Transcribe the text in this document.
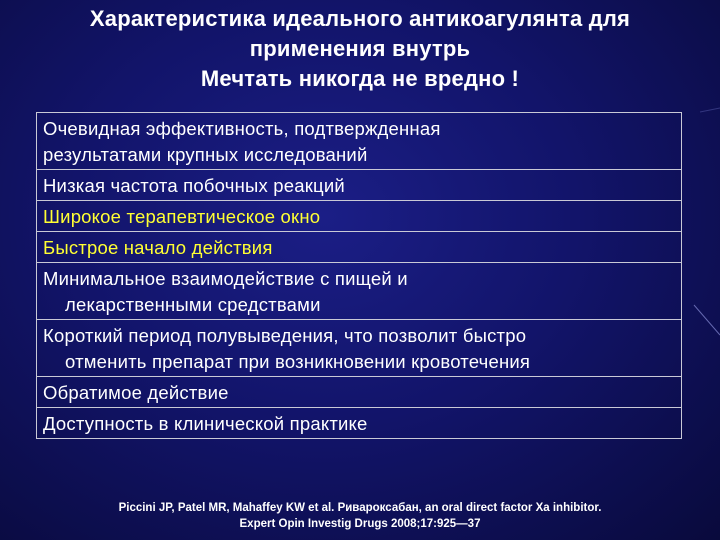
Характеристика идеального антикоагулянта для
применения внутрь
Мечтать никогда не вредно !
Очевидная эффективность, подтвержденная
результатами крупных исследований

Низкая частота побочных реакций

Широкое терапевтическое окно

Быстрое начало действия

Минимальное взаимодействие с пищей и
лекарственными средствами

Короткий период полувыведения, что позволит быстро
отменить препарат при возникновении кровотечения

Обратимое действие

Доступность в клинической практике
Piccini JP, Patel MR, Mahaffey KW et al. Ривароксабан, an oral direct factor Xa inhibitor.
Expert Opin Investig Drugs 2008;17:925—37
